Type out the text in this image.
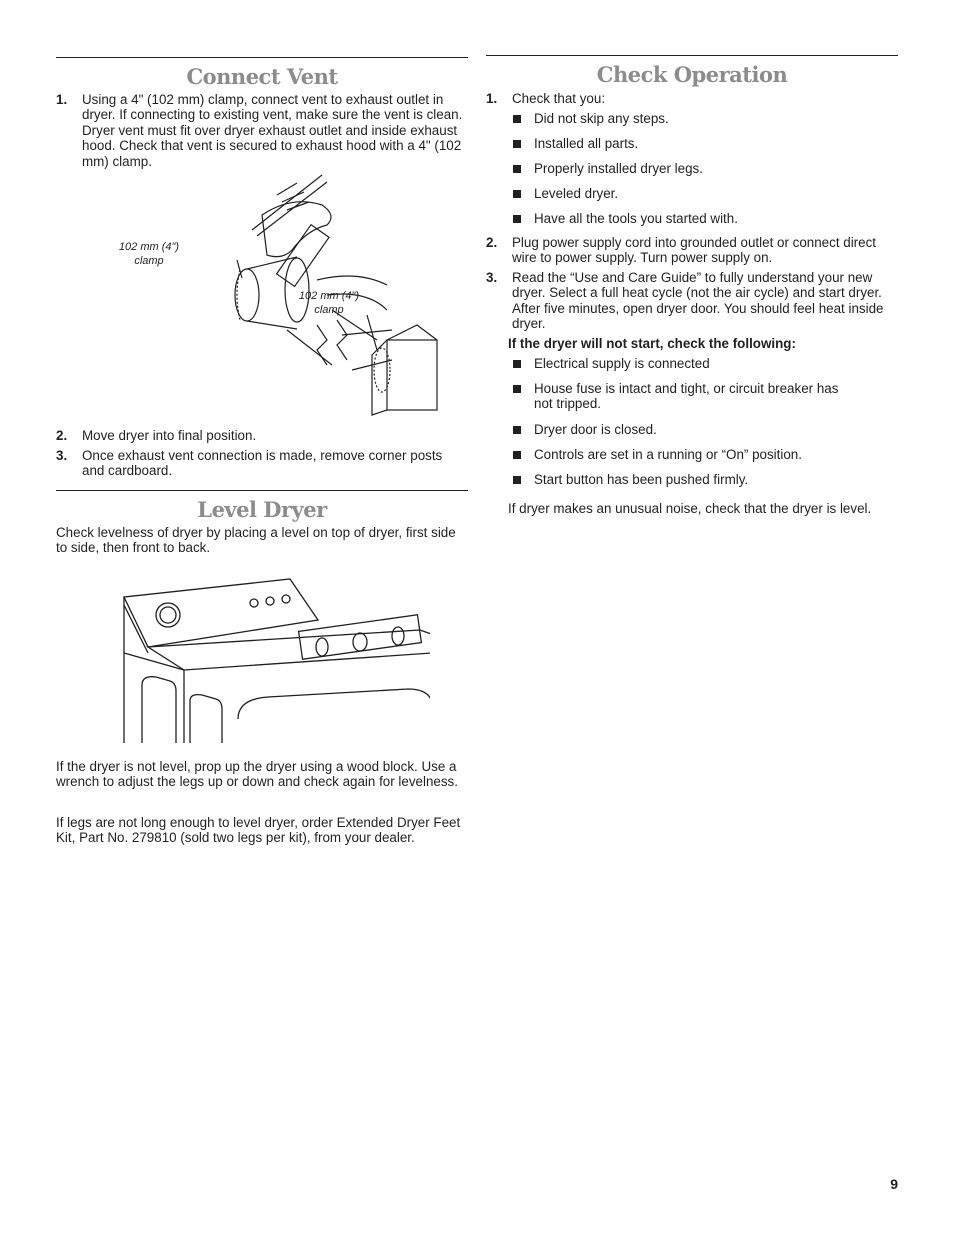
Connect Vent
1. Using a 4" (102 mm) clamp, connect vent to exhaust outlet in dryer. If connecting to existing vent, make sure the vent is clean. Dryer vent must fit over dryer exhaust outlet and inside exhaust hood. Check that vent is secured to exhaust hood with a 4" (102 mm) clamp.
102 mm (4") clamp
102 mm (4") clamp
2. Move dryer into final position.
3. Once exhaust vent connection is made, remove corner posts and cardboard.
Level Dryer
Check levelness of dryer by placing a level on top of dryer, first side to side, then front to back.
If the dryer is not level, prop up the dryer using a wood block. Use a wrench to adjust the legs up or down and check again for levelness.
If legs are not long enough to level dryer, order Extended Dryer Feet Kit, Part No. 279810 (sold two legs per kit), from your dealer.
Check Operation
1. Check that you:
Did not skip any steps.
Installed all parts.
Properly installed dryer legs.
Leveled dryer.
Have all the tools you started with.
2. Plug power supply cord into grounded outlet or connect direct wire to power supply. Turn power supply on.
3. Read the “Use and Care Guide” to fully understand your new dryer. Select a full heat cycle (not the air cycle) and start dryer. After five minutes, open dryer door. You should feel heat inside dryer.
If the dryer will not start, check the following:
Electrical supply is connected
House fuse is intact and tight, or circuit breaker has not tripped.
Dryer door is closed.
Controls are set in a running or “On” position.
Start button has been pushed firmly.
If dryer makes an unusual noise, check that the dryer is level.
9
